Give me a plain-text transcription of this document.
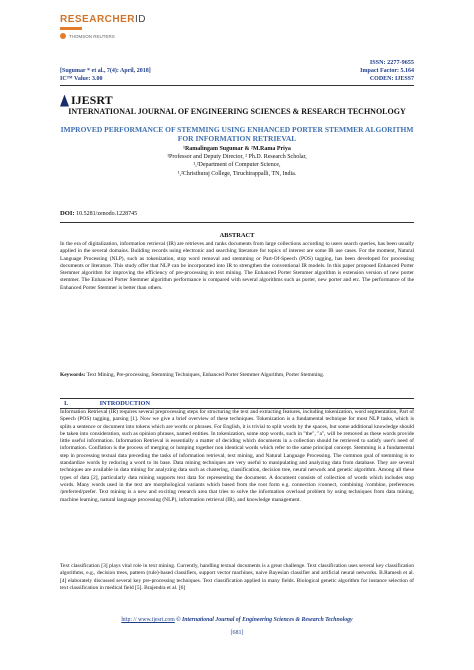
RESEARCHERID
THOMSON REUTERS
ISSN: 2277-9655
[Sugumar * et al., 7(4): April, 2018]	Impact Factor: 5.164
IC™ Value: 3.00	CODEN: IJESS7
IJESRT
INTERNATIONAL JOURNAL OF ENGINEERING SCIENCES & RESEARCH TECHNOLOGY
IMPROVED PERFORMANCE OF STEMMING USING ENHANCED PORTER STEMMER ALGORITHM FOR INFORMATION RETRIEVAL
¹Ramalingam Sugumar & ²M.Rama Priya
¹Professor and Deputy Director, ² Ph.D. Research Scholar,
¹,²Department of Computer Science,
¹,²Christhuraj College, Tiruchirappalli, TN, India.
DOI: 10.5281/zenodo.1228745
ABSTRACT
In the era of digitalization, information retrieval (IR) are retrieves and ranks documents from large collections according to users search queries, has been usually applied in the several domains. Building records using electronic and searching literature for topics of interest are some IR use cases. For the moment, Natural Language Processing (NLP), such as tokenization, stop word removal and stemming or Part-Of-Speech (POS) tagging, has been developed for processing documents or literature. This study offer that NLP can be incorporated into IR to strengthen the conventional IR models. In this paper proposed Enhanced Porter Stemmer algorithm for improving the efficiency of pre-processing in text mining. The Enhanced Porter Stemmer algorithm is extension version of new porter stemmer. The Enhanced Porter Stemmer algorithm performance is compared with several algorithms such as porter, new porter and etc. The performance of the Enhanced Porter Stemmer is better than others.
Keywords: Text Mining, Pre-processing, Stemming Techniques, Enhanced Porter Stemmer Algorithm, Porter Stemming.
I.	INTRODUCTION
Information Retrieval (IR) requires several preprocessing steps for structuring the text and extracting features, including tokenization, word segmentation, Part of Speech (POS) tagging, parsing [1]. Now we give a brief overview of these techniques. Tokenization is a fundamental technique for most NLP tasks, which is splits a sentence or document into tokens which are words or phrases. For English, it is trivial to split words by the spaces, but some additional knowledge should be taken into consideration, such as opinion phrases, named entities. In tokenization, some stop words, such in "the", "a", will be removed as these words provide little useful information. Information Retrieval is essentially a matter of deciding which documents in a collection should be retrieved to satisfy user's need of information. Conflation is the process of merging or lumping together non identical words which refer to the same principal concept. Stemming is a fundamental step in processing textual data preceding the tasks of information retrieval, text mining, and Natural Language Processing. The common goal of stemming is to standardize words by reducing a word to its base. Data mining techniques are very useful to manipulating and analyzing data from database. They are several techniques are available in data mining for analyzing data such as clustering, classification, decision tree, neural network and genetic algorithm. Among all these types of data [2], particularly data mining supports text data for representing the document. A document consists of collection of words which includes stop words. Many words used in the text are morphological variants which based from the root form e.g. connection /connect, combining /combine, preferences /preferred/prefer. Text mining is a new and exciting research area that tries to solve the information overload problem by using techniques from data mining, machine learning, natural language processing (NLP), information retrieval (IR), and knowledge management.
Text classification [3] plays vital role in text mining. Currently, handling textual documents is a great challenge. Text classification uses several key classification algorithms, e.g., decision trees, pattern (rule)-based classifiers, support vector machines, naive Bayesian classifier and artificial neural networks. B.Ramesh et al. [4] elaborately discussed several key pre-processing techniques. Text classification applied in many fields. Biological genetic algorithm for instance selection of text classification in medical field [5]. Brajendra et al. [6]
http: // www.ijesrt.com © International Journal of Engineering Sciences & Research Technology
[681]
